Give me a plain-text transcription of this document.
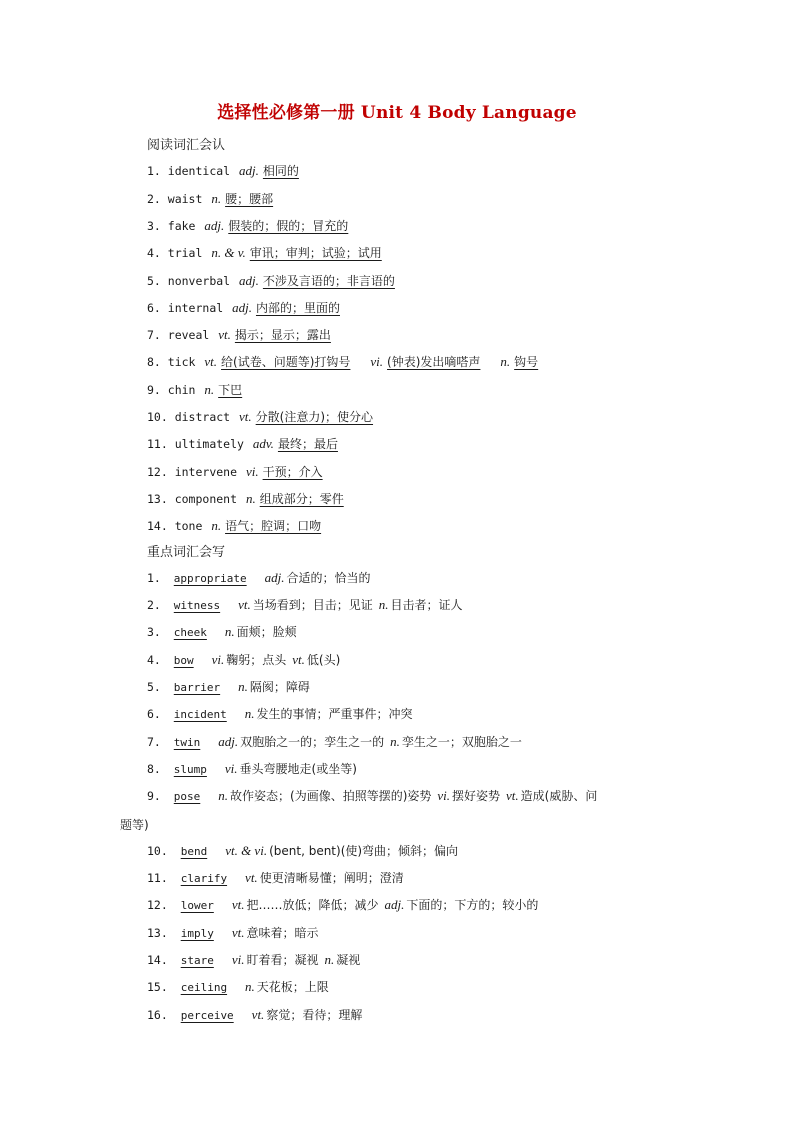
选择性必修第一册 Unit 4 Body Language
阅读词汇会认
1. identical adj. 相同的
2. waist n. 腰；腰部
3. fake adj. 假装的；假的；冒充的
4. trial n. & v. 审讯；审判；试验；试用
5. nonverbal adj. 不涉及言语的；非言语的
6. internal adj. 内部的；里面的
7. reveal vt. 揭示；显示；露出
8. tick vt. 给(试卷、问题等)打钩号 vi. (钟表)发出嘀嗒声 n. 钩号
9. chin n. 下巴
10. distract vt. 分散(注意力)；使分心
11. ultimately adv. 最终；最后
12. intervene vi. 干预；介入
13. component n. 组成部分；零件
14. tone n. 语气；腔调；口吻
重点词汇会写
1. appropriate adj. 合适的；恰当的
2. witness vt. 当场看到；目击；见证 n. 目击者；证人
3. cheek n. 面颊；脸颊
4. bow vi. 鞠躬；点头 vt. 低(头)
5. barrier n. 隔阂；障碍
6. incident n. 发生的事情；严重事件；冲突
7. twin adj. 双胞胎之一的；孪生之一的 n. 孪生之一；双胞胎之一
8. slump vi. 垂头弯腰地走(或坐等)
9. pose n. 故作姿态；(为画像、拍照等摆的)姿势 vi. 摆好姿势 vt. 造成(威胁、问
题等)
10. bend vt. & vi. (bent, bent)(使)弯曲；倾斜；偏向
11. clarify vt. 使更清晰易懂；阐明；澄清
12. lower vt. 把……放低；降低；减少 adj. 下面的；下方的；较小的
13. imply vt. 意味着；暗示
14. stare vi. 盯着看；凝视 n. 凝视
15. ceiling n. 天花板；上限
16. perceive vt. 察觉；看待；理解
